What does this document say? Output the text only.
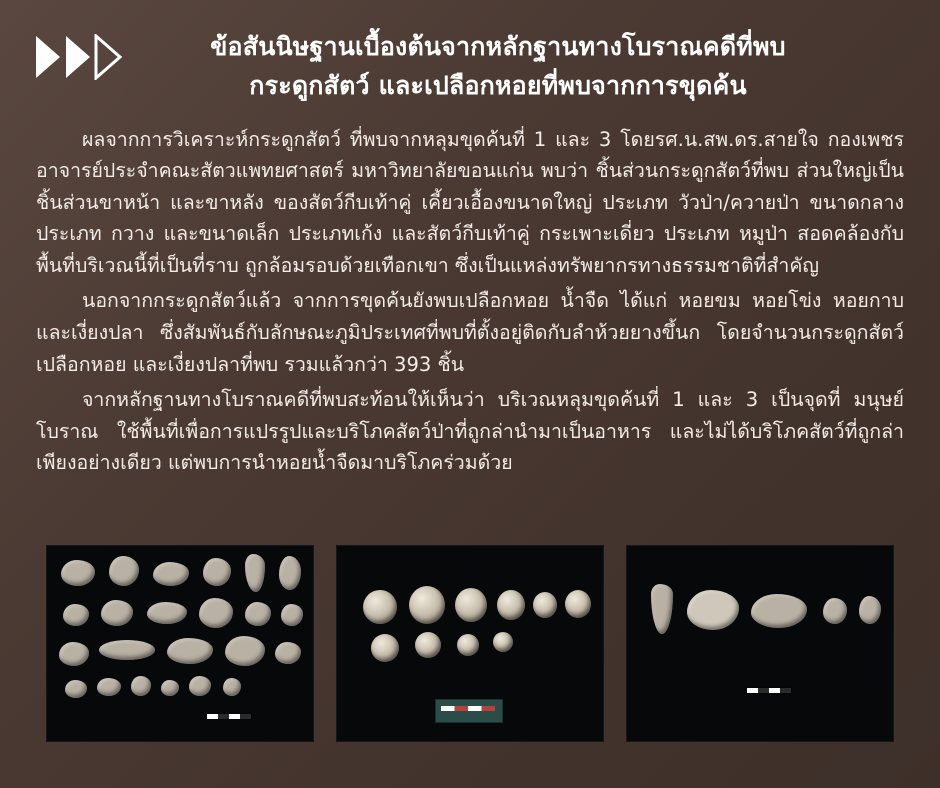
ข้อสันนิษฐานเบื้องต้นจากหลักฐานทางโบราณคดีที่พบ
กระดูกสัตว์ และเปลือกหอยที่พบจากการขุดค้น

ผลจากการวิเคราะห์กระดูกสัตว์ ที่พบจากหลุมขุดค้นที่ 1 และ 3 โดยรศ.น.สพ.ดร.สายใจ กองเพชร อาจารย์ประจำคณะสัตวแพทยศาสตร์ มหาวิทยาลัยขอนแก่น พบว่า ชิ้นส่วนกระดูกสัตว์ที่พบ ส่วนใหญ่เป็นชิ้นส่วนขาหน้า และขาหลัง ของสัตว์กีบเท้าคู่ เคี้ยวเอื้องขนาดใหญ่ ประเภท วัวป่า/ควายป่า ขนาดกลาง ประเภท กวาง และขนาดเล็ก ประเภทเก้ง และสัตว์กีบเท้าคู่ กระเพาะเดี่ยว ประเภท หมูป่า สอดคล้องกับพื้นที่บริเวณนี้ที่เป็นที่ราบ ถูกล้อมรอบด้วยเทือกเขา ซึ่งเป็นแหล่งทรัพยากรทางธรรมชาติที่สำคัญ

นอกจากกระดูกสัตว์แล้ว จากการขุดค้นยังพบเปลือกหอย น้ำจืด ได้แก่ หอยขม หอยโข่ง หอยกาบ และเงี่ยงปลา ซึ่งสัมพันธ์กับลักษณะภูมิประเทศที่พบที่ตั้งอยู่ติดกับลำห้วยยางขึ้นก โดยจำนวนกระดูกสัตว์ เปลือกหอย และเงี่ยงปลาที่พบ รวมแล้วกว่า 393 ชิ้น

จากหลักฐานทางโบราณคดีที่พบสะท้อนให้เห็นว่า บริเวณหลุมขุดค้นที่ 1 และ 3 เป็นจุดที่ มนุษย์โบราณ ใช้พื้นที่เพื่อการแปรรูปและบริโภคสัตว์ป่าที่ถูกล่านำมาเป็นอาหาร และไม่ได้บริโภคสัตว์ที่ถูกล่าเพียงอย่างเดียว แต่พบการนำหอยน้ำจืดมาบริโภคร่วมด้วย
